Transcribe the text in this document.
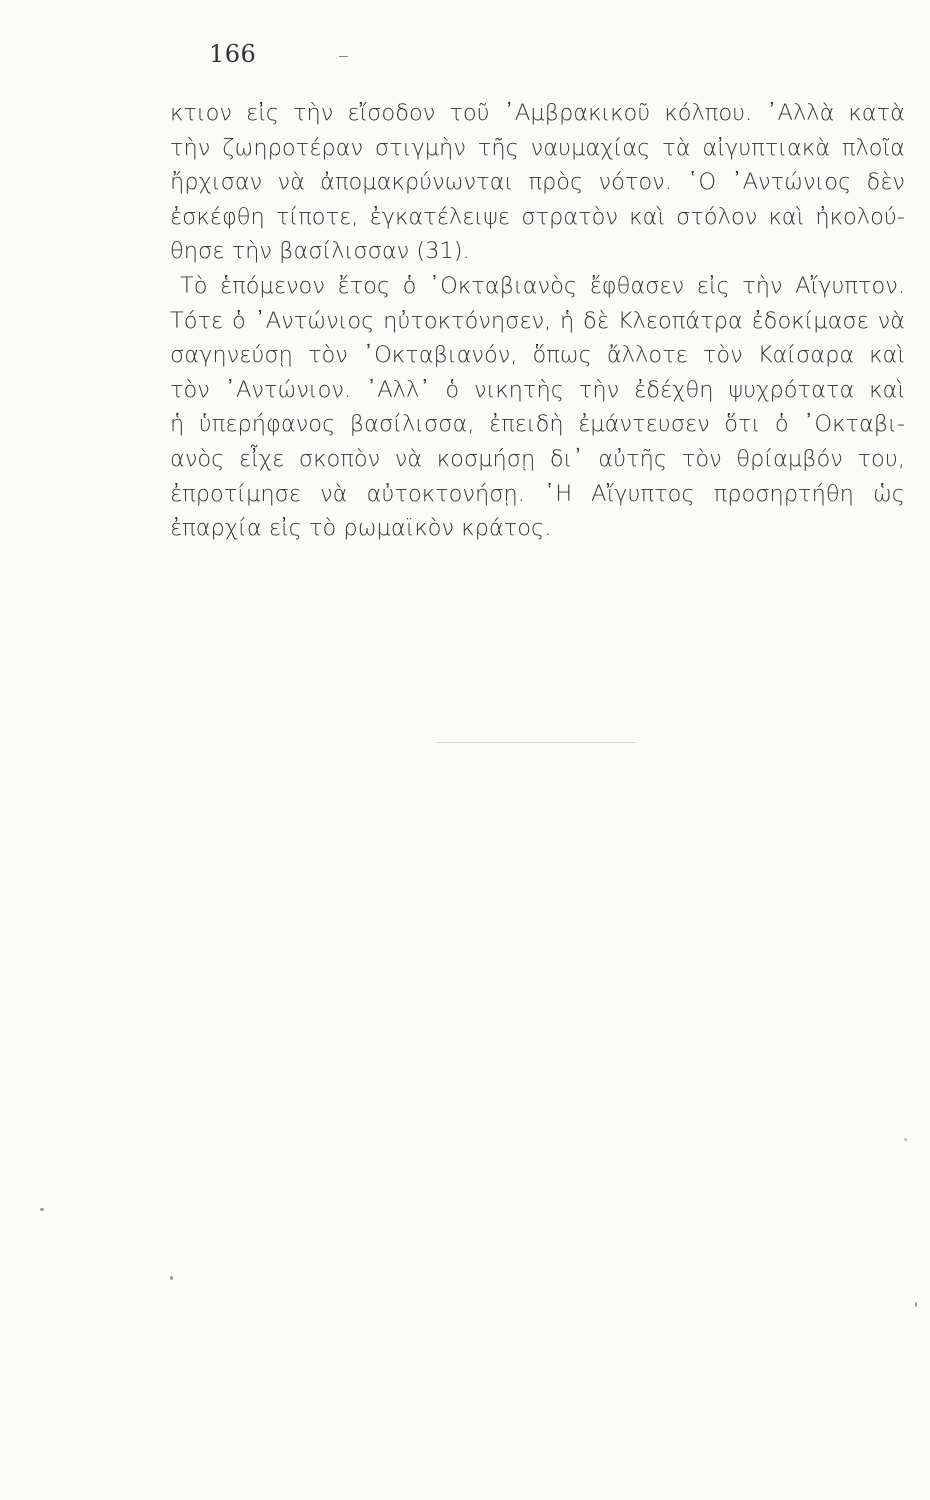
166
κτιον εἰς τὴν εἴσοδον τοῦ ᾿Αμβρακικοῦ κόλπου. ᾿Αλλὰ κατὰ
τὴν ζωηροτέραν στιγμὴν τῆς ναυμαχίας τὰ αἰγυπτιακὰ πλοῖα
ἤρχισαν νὰ ἀπομακρύνωνται πρὸς νότον. ῾Ο ᾿Αντώνιος δὲν
ἐσκέφθη τίποτε, ἐγκατέλειψε στρατὸν καὶ στόλον καὶ ἠκολού-
θησε τὴν βασίλισσαν (31).
Τὸ ἑπόμενον ἔτος ὁ ᾿Οκταβιανὸς ἔφθασεν εἰς τὴν Αἴγυπτον.
Τότε ὁ ᾿Αντώνιος ηὐτοκτόνησεν, ἡ δὲ Κλεοπάτρα ἐδοκίμασε νὰ
σαγηνεύσῃ τὸν ᾿Οκταβιανόν, ὅπως ἄλλοτε τὸν Καίσαρα καὶ
τὸν ᾿Αντώνιον. ᾿Αλλ᾿ ὁ νικητὴς τὴν ἐδέχθη ψυχρότατα καὶ
ἡ ὑπερήφανος βασίλισσα, ἐπειδὴ ἐμάντευσεν ὅτι ὁ ᾿Οκταβι-
ανὸς εἶχε σκοπὸν νὰ κοσμήσῃ δι᾿ αὐτῆς τὸν θρίαμβόν του,
ἐπροτίμησε νὰ αὐτοκτονήσῃ. ῾Η Αἴγυπτος προσηρτήθη ὡς
ἐπαρχία εἰς τὸ ρωμαϊκὸν κράτος.
